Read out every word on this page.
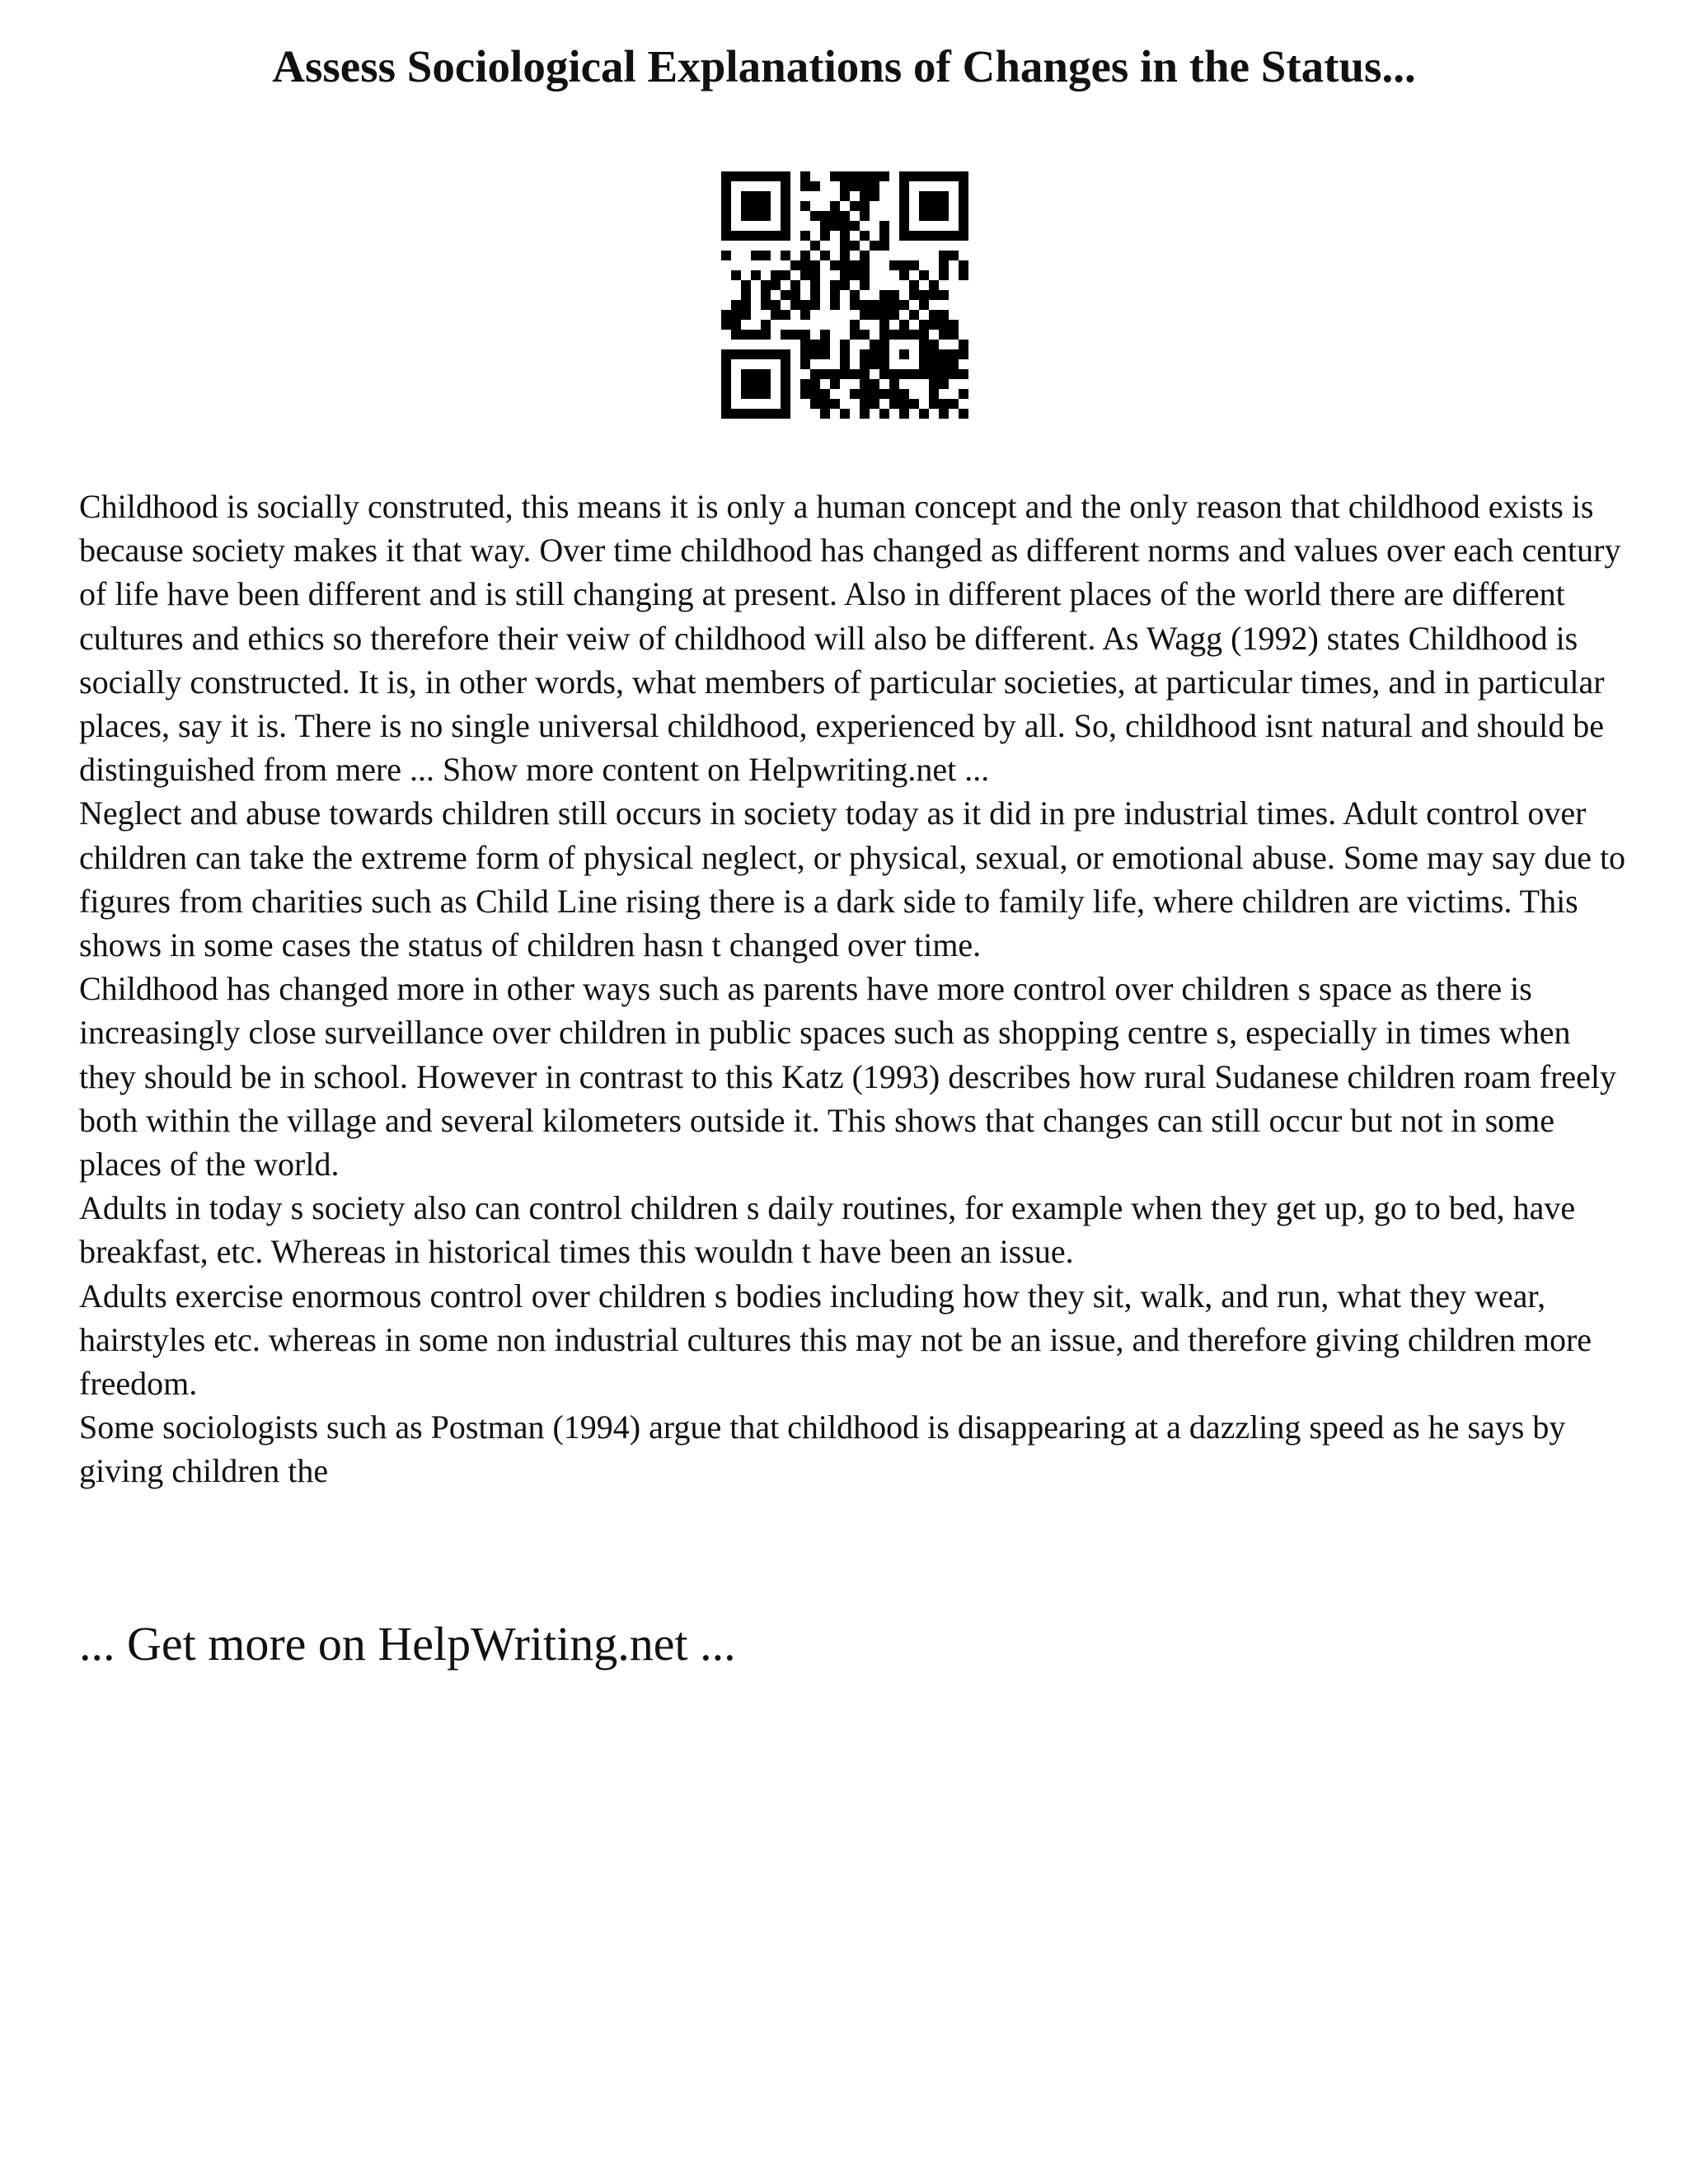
Assess Sociological Explanations of Changes in the Status...

Childhood is socially construted, this means it is only a human concept and the only reason that childhood exists is because society makes it that way. Over time childhood has changed as different norms and values over each century of life have been different and is still changing at present. Also in different places of the world there are different cultures and ethics so therefore their veiw of childhood will also be different. As Wagg (1992) states Childhood is socially constructed. It is, in other words, what members of particular societies, at particular times, and in particular places, say it is. There is no single universal childhood, experienced by all. So, childhood isnt natural and should be distinguished from mere ... Show more content on Helpwriting.net ...

Neglect and abuse towards children still occurs in society today as it did in pre industrial times. Adult control over children can take the extreme form of physical neglect, or physical, sexual, or emotional abuse. Some may say due to figures from charities such as Child Line rising there is a dark side to family life, where children are victims. This shows in some cases the status of children hasn t changed over time.

Childhood has changed more in other ways such as parents have more control over children s space as there is increasingly close surveillance over children in public spaces such as shopping centre s, especially in times when they should be in school. However in contrast to this Katz (1993) describes how rural Sudanese children roam freely both within the village and several kilometers outside it. This shows that changes can still occur but not in some places of the world.

Adults in today s society also can control children s daily routines, for example when they get up, go to bed, have breakfast, etc. Whereas in historical times this wouldn t have been an issue.

Adults exercise enormous control over children s bodies including how they sit, walk, and run, what they wear, hairstyles etc. whereas in some non industrial cultures this may not be an issue, and therefore giving children more freedom.

Some sociologists such as Postman (1994) argue that childhood is disappearing at a dazzling speed as he says by giving children the

... Get more on HelpWriting.net ...
